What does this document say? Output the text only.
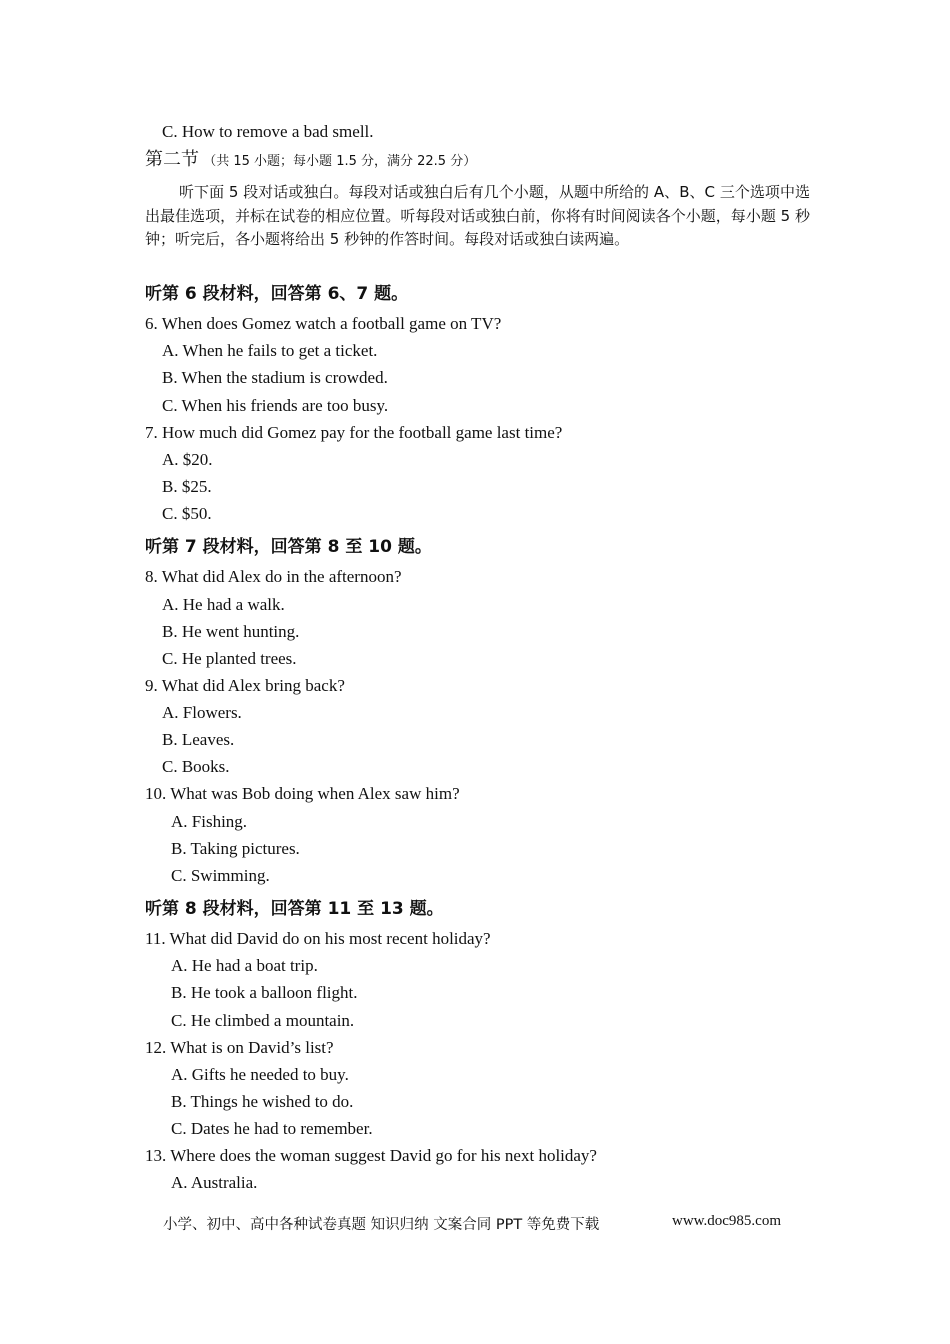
C. How to remove a bad smell.
第二节 （共 15 小题；每小题 1.5 分，满分 22.5 分）
听下面 5 段对话或独白。每段对话或独白后有几个小题，从题中所给的 A、B、C 三个选项中选出最佳选项，并标在试卷的相应位置。听每段对话或独白前，你将有时间阅读各个小题，每小题 5 秒钟；听完后，各小题将给出 5 秒钟的作答时间。每段对话或独白读两遍。
听第 6 段材料，回答第 6、7 题。
6. When does Gomez watch a football game on TV?
A. When he fails to get a ticket.
B. When the stadium is crowded.
C. When his friends are too busy.
7. How much did Gomez pay for the football game last time?
A. $20.
B. $25.
C. $50.
听第 7 段材料，回答第 8 至 10 题。
8. What did Alex do in the afternoon?
A. He had a walk.
B. He went hunting.
C. He planted trees.
9. What did Alex bring back?
A. Flowers.
B. Leaves.
C. Books.
10. What was Bob doing when Alex saw him?
A. Fishing.
B. Taking pictures.
C. Swimming.
听第 8 段材料，回答第 11 至 13 题。
11. What did David do on his most recent holiday?
A. He had a boat trip.
B. He took a balloon flight.
C. He climbed a mountain.
12. What is on David’s list?
A. Gifts he needed to buy.
B. Things he wished to do.
C. Dates he had to remember.
13. Where does the woman suggest David go for his next holiday?
A. Australia.
小学、初中、高中各种试卷真题 知识归纳 文案合同 PPT 等免费下载	www.doc985.com
